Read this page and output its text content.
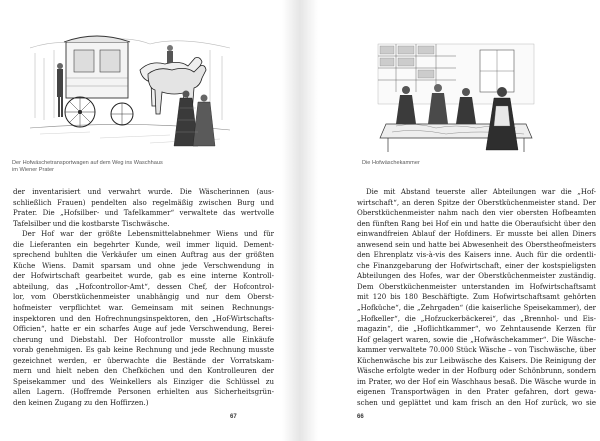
Der Hofwäschetransportwagen auf dem Weg ins Waschhaus
im Wiener Prater
der inventarisiert und verwahrt wurde. Die Wäscherinnen (aus-
schließlich Frauen) pendelten also regelmäßig zwischen Burg und
Prater. Die „Hofsilber- und Tafelkammer“ verwaltete das wertvolle
Tafelsilber und die kostbarste Tischwäsche.
Der Hof war der größte Lebensmittelabnehmer Wiens und für
die Lieferanten ein begehrter Kunde, weil immer liquid. Dement-
sprechend buhlten die Verkäufer um einen Auftrag aus der größten
Küche Wiens. Damit sparsam und ohne jede Verschwendung in
der Hofwirtschaft gearbeitet wurde, gab es eine interne Kontroll-
abteilung, das „Hofcontrollor-Amt“, dessen Chef, der Hofcontrol-
lor, vom Oberstküchenmeister unabhängig und nur dem Oberst-
hofmeister verpflichtet war. Gemeinsam mit seinen Rechnungs-
inspektoren und den Hofrechnungsinspektoren, den „Hof-Wirtschafts-
Officien“, hatte er ein scharfes Auge auf jede Verschwendung, Berei-
cherung und Diebstahl. Der Hofcontrollor musste alle Einkäufe
vorab genehmigen. Es gab keine Rechnung und jede Rechnung musste
gezeichnet werden, er überwachte die Bestände der Vorratskam-
mern und hielt neben den Chefköchen und den Kontrolleuren der
Speisekammer und des Weinkellers als Einziger die Schlüssel zu
allen Lagern. (Hoffremde Personen erhielten aus Sicherheitsgrün-
den keinen Zugang zu den Hoffirzen.)
67
Die Hofwäschekammer
Die mit Abstand teuerste aller Abteilungen war die „Hof-
wirtschaft“, an deren Spitze der Oberstküchenmeister stand. Der
Oberstküchenmeister nahm nach den vier obersten Hofbeamten
den fünften Rang bei Hof ein und hatte die Oberaufsicht über den
einwandfreien Ablauf der Hofdiners. Er musste bei allen Diners
anwesend sein und hatte bei Abwesenheit des Oberstheofmeisters
den Ehrenplatz vis-à-vis des Kaisers inne. Auch für die ordentli-
che Finanzgebarung der Hofwirtschaft, einer der kostspieligsten
Abteilungen des Hofes, war der Oberstküchenmeister zuständig.
Dem Oberstküchenmeister unterstanden im Hofwirtschaftsamt
mit 120 bis 180 Beschäftigte. Zum Hofwirtschaftsamt gehörten
„Hofküche“, die „Zehrgaden“ (die kaiserliche Speisekammer), der
„Hofkeller“, die „Hofzuckerbäckerei“, das „Brennhol- und Eis-
magazin“, die „Hoflichtkammer“, wo Zehntausende Kerzen für
Hof gelagert waren, sowie die „Hofwäschekammer“. Die Wäsche-
kammer verwaltete 70.000 Stück Wäsche – von Tischwäsche, über
Küchenwäsche bis zur Leibwäsche des Kaisers. Die Reinigung der
Wäsche erfolgte weder in der Hofburg oder Schönbrunn, sondern
im Prater, wo der Hof ein Waschhaus besaß. Die Wäsche wurde in
eigenen Transportwägen in den Prater gefahren, dort gewa-
schen und geplättet und kam frisch an den Hof zurück, wo sie
66
